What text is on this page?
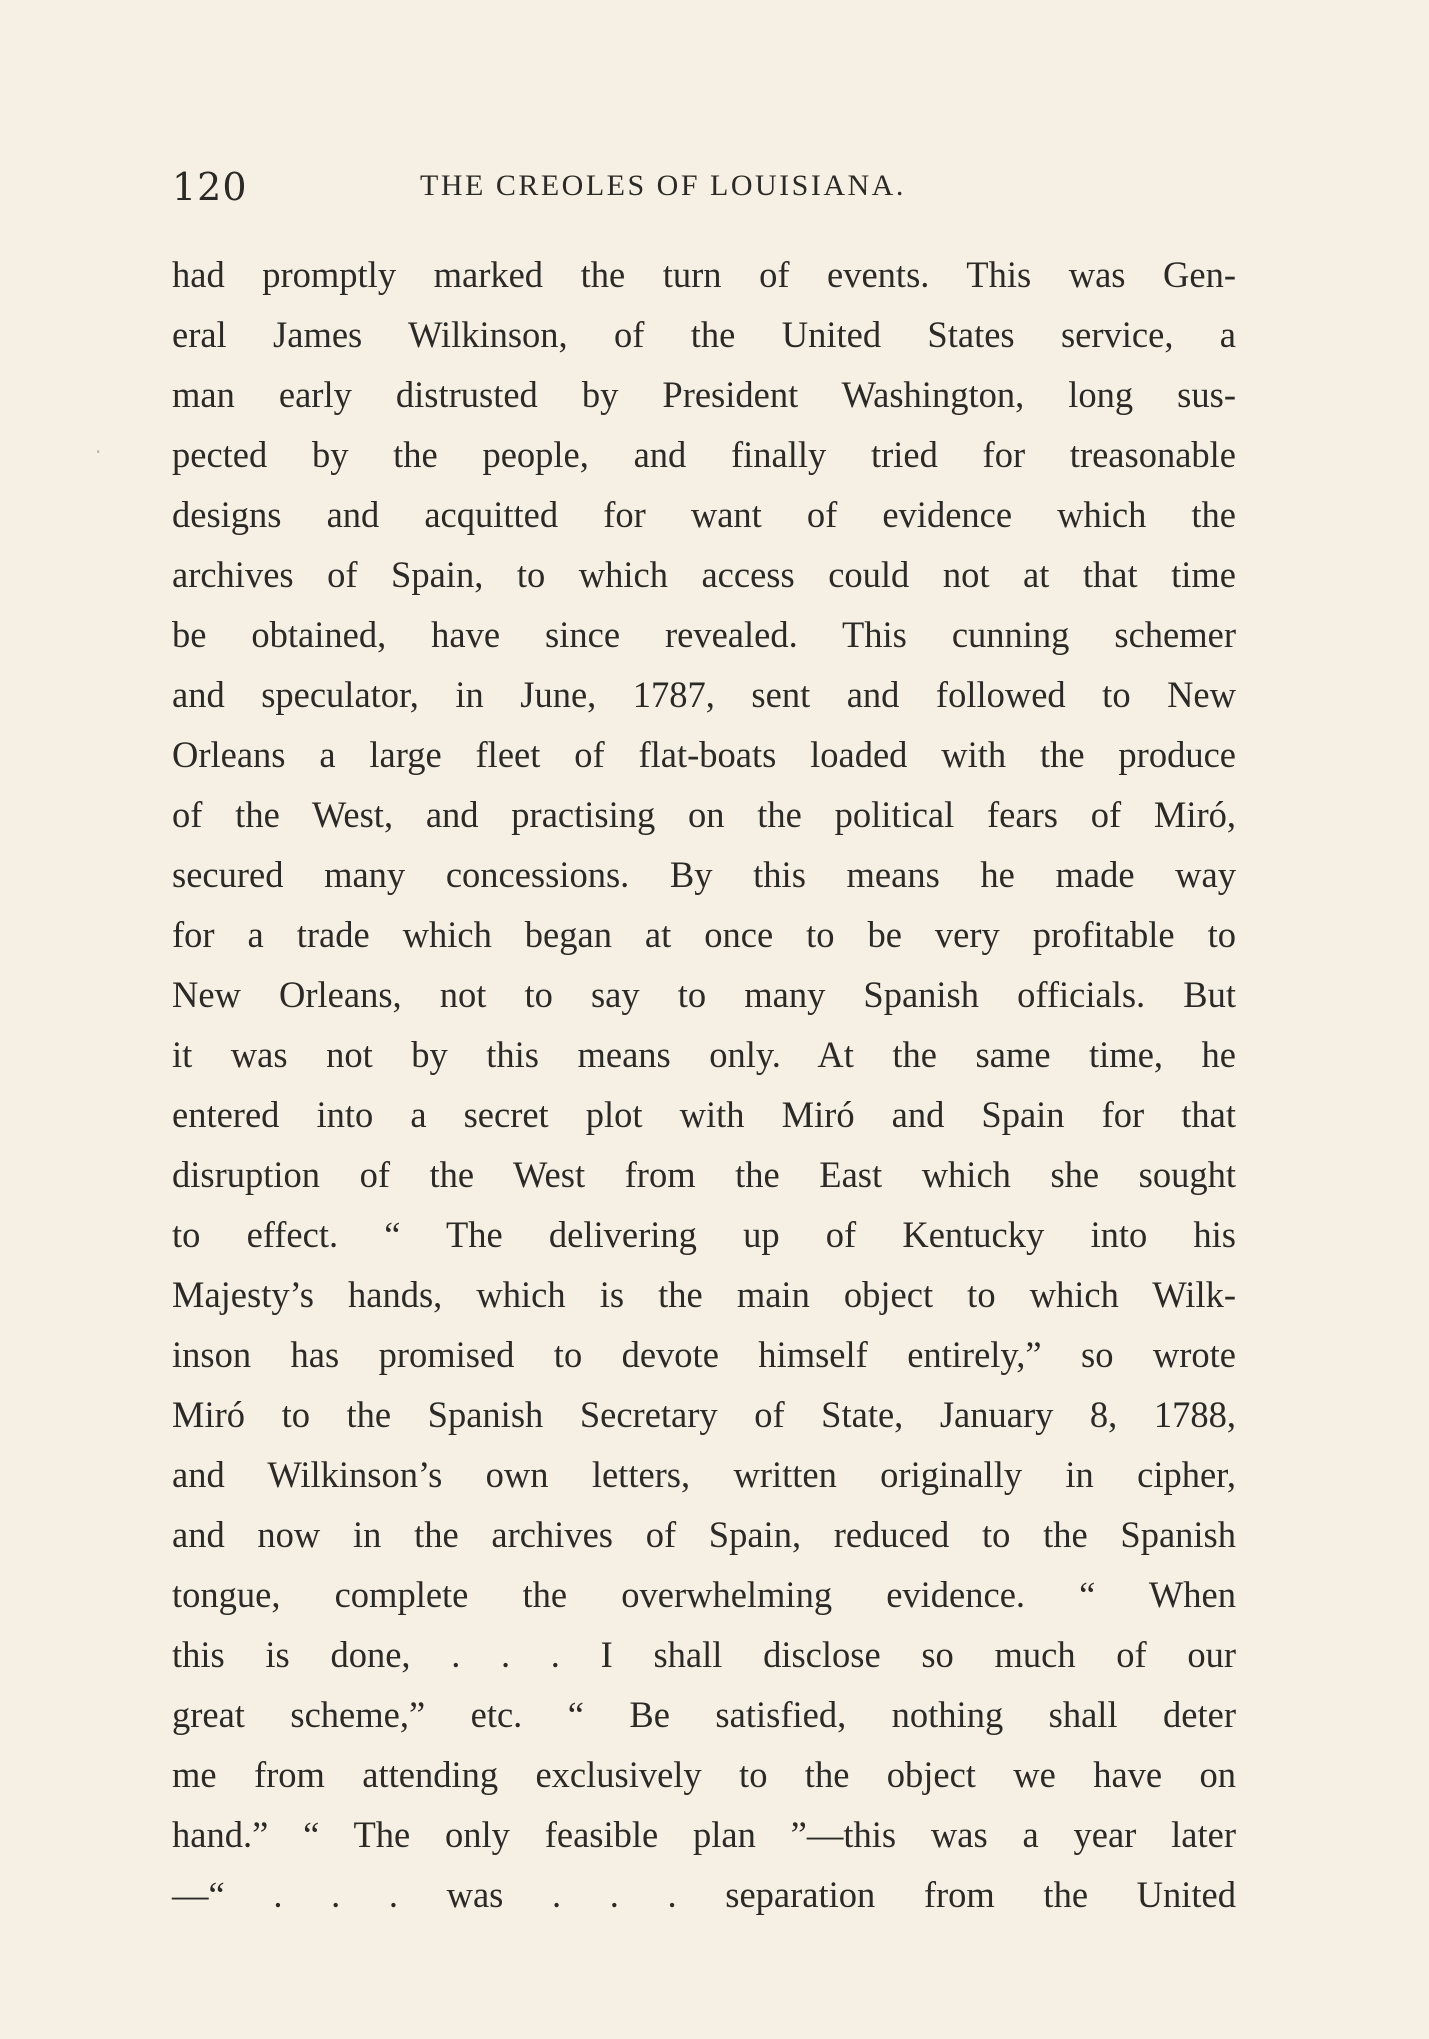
120	THE CREOLES OF LOUISIANA.
had promptly marked the turn of events. This was Gen-
eral James Wilkinson, of the United States service, a
man early distrusted by President Washington, long sus-
pected by the people, and finally tried for treasonable
designs and acquitted for want of evidence which the
archives of Spain, to which access could not at that time
be obtained, have since revealed. This cunning schemer
and speculator, in June, 1787, sent and followed to New
Orleans a large fleet of flat-boats loaded with the produce
of the West, and practising on the political fears of Miró,
secured many concessions. By this means he made way
for a trade which began at once to be very profitable to
New Orleans, not to say to many Spanish officials. But
it was not by this means only. At the same time, he
entered into a secret plot with Miró and Spain for that
disruption of the West from the East which she sought
to effect. “ The delivering up of Kentucky into his
Majesty’s hands, which is the main object to which Wilk-
inson has promised to devote himself entirely,” so wrote
Miró to the Spanish Secretary of State, January 8, 1788,
and Wilkinson’s own letters, written originally in cipher,
and now in the archives of Spain, reduced to the Spanish
tongue, complete the overwhelming evidence. “ When
this is done, . . . I shall disclose so much of our
great scheme,” etc. “ Be satisfied, nothing shall deter
me from attending exclusively to the object we have on
hand.” “ The only feasible plan ”—this was a year later
—“ . . . was . . . separation from the United
·
